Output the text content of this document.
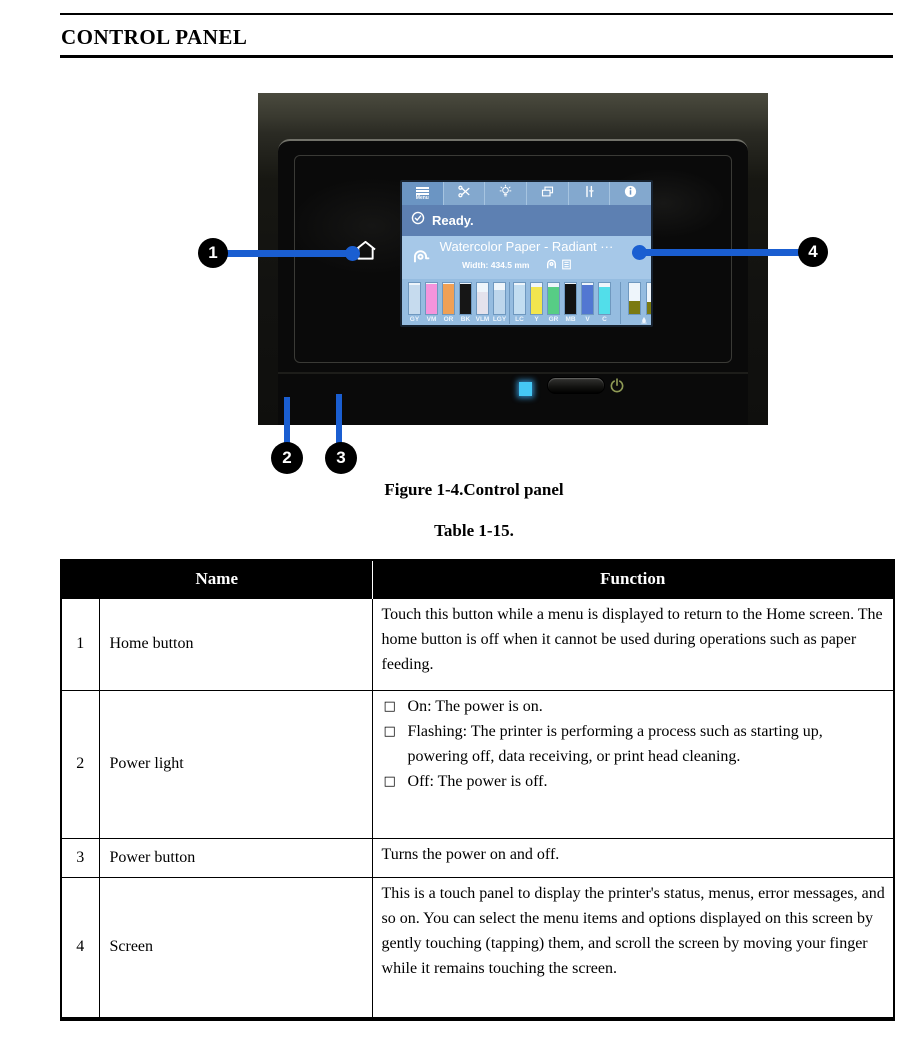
CONTROL PANEL
Menu
Ready.
Watercolor Paper - Radiant ···
Width: 434.5 mm
GY VM OR BK VLM LGY LC Y GR MB V C
1	4
2	3
Figure 1-4.Control panel
Table 1-15.
Name		Function
1	Home button	Touch this button while a menu is displayed to return to the Home screen. The home button is off when it cannot be used during operations such as paper feeding.
2	Power light	
□ On: The power is on.
□ Flashing: The printer is performing a process such as starting up, powering off, data receiving, or print head cleaning.
□ Off: The power is off.

3	Power button	Turns the power on and off.
4	Screen	This is a touch panel to display the printer's status, menus, error messages, and so on. You can select the menu items and options displayed on this screen by gently touching (tapping) them, and scroll the screen by moving your finger while it remains touching the screen.
